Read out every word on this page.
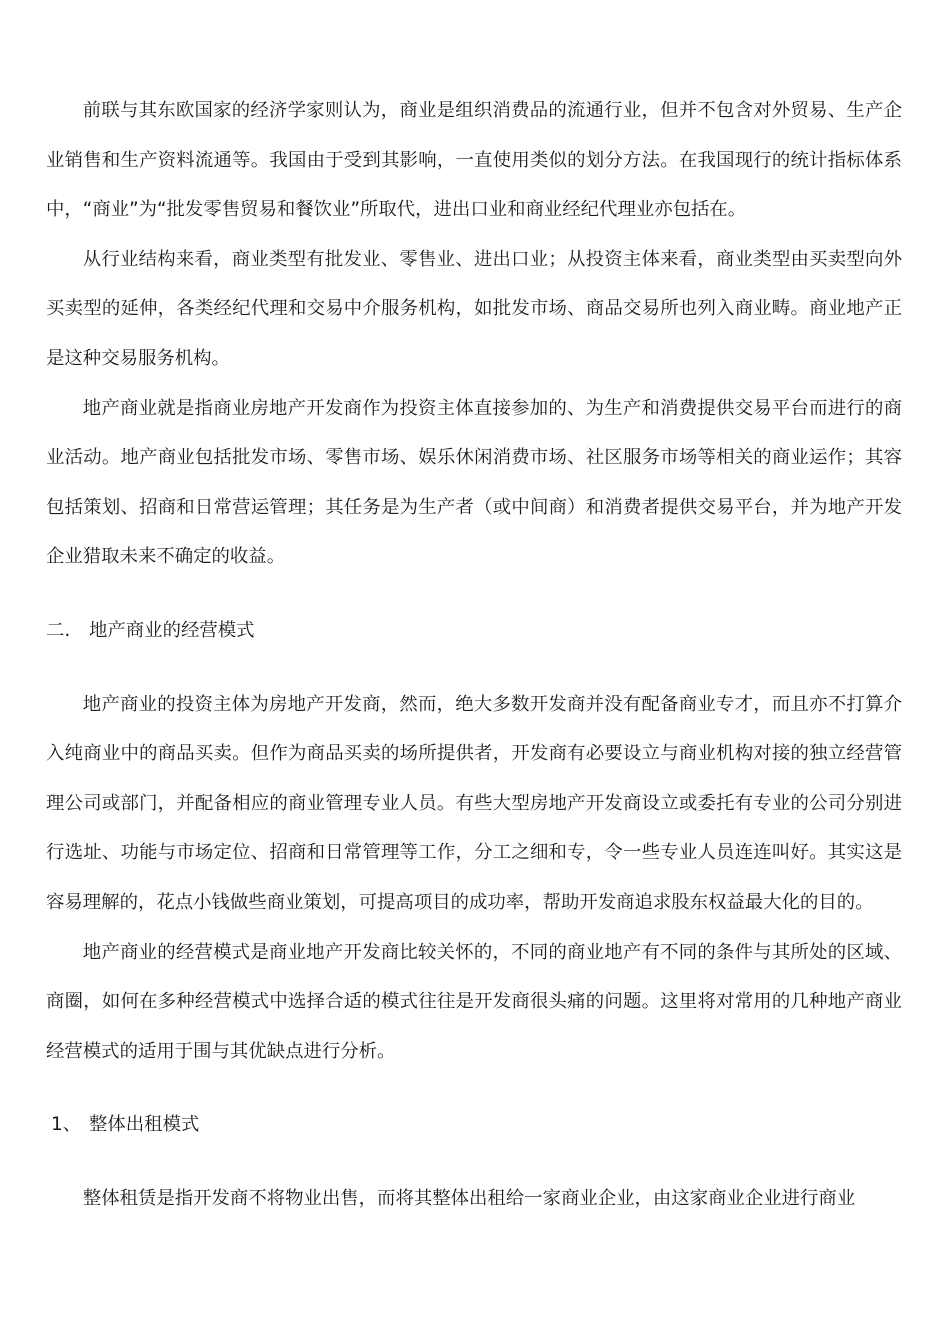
前联与其东欧国家的经济学家则认为，商业是组织消费品的流通行业，但并不包含对外贸易、生产企业销售和生产资料流通等。我国由于受到其影响，一直使用类似的划分方法。在我国现行的统计指标体系中，“商业”为“批发零售贸易和餐饮业”所取代，进出口业和商业经纪代理业亦包括在。

从行业结构来看，商业类型有批发业、零售业、进出口业；从投资主体来看，商业类型由买卖型向外买卖型的延伸，各类经纪代理和交易中介服务机构，如批发市场、商品交易所也列入商业畴。商业地产正是这种交易服务机构。

地产商业就是指商业房地产开发商作为投资主体直接参加的、为生产和消费提供交易平台而进行的商业活动。地产商业包括批发市场、零售市场、娱乐休闲消费市场、社区服务市场等相关的商业运作；其容包括策划、招商和日常营运管理；其任务是为生产者（或中间商）和消费者提供交易平台，并为地产开发企业猎取未来不确定的收益。

二. 地产商业的经营模式

地产商业的投资主体为房地产开发商，然而，绝大多数开发商并没有配备商业专才，而且亦不打算介入纯商业中的商品买卖。但作为商品买卖的场所提供者，开发商有必要设立与商业机构对接的独立经营管理公司或部门，并配备相应的商业管理专业人员。有些大型房地产开发商设立或委托有专业的公司分别进行选址、功能与市场定位、招商和日常管理等工作，分工之细和专，令一些专业人员连连叫好。其实这是容易理解的，花点小钱做些商业策划，可提高项目的成功率，帮助开发商追求股东权益最大化的目的。

地产商业的经营模式是商业地产开发商比较关怀的，不同的商业地产有不同的条件与其所处的区域、商圈，如何在多种经营模式中选择合适的模式往往是开发商很头痛的问题。这里将对常用的几种地产商业经营模式的适用于围与其优缺点进行分析。

1、 整体出租模式

整体租赁是指开发商不将物业出售，而将其整体出租给一家商业企业，由这家商业企业进行商业
